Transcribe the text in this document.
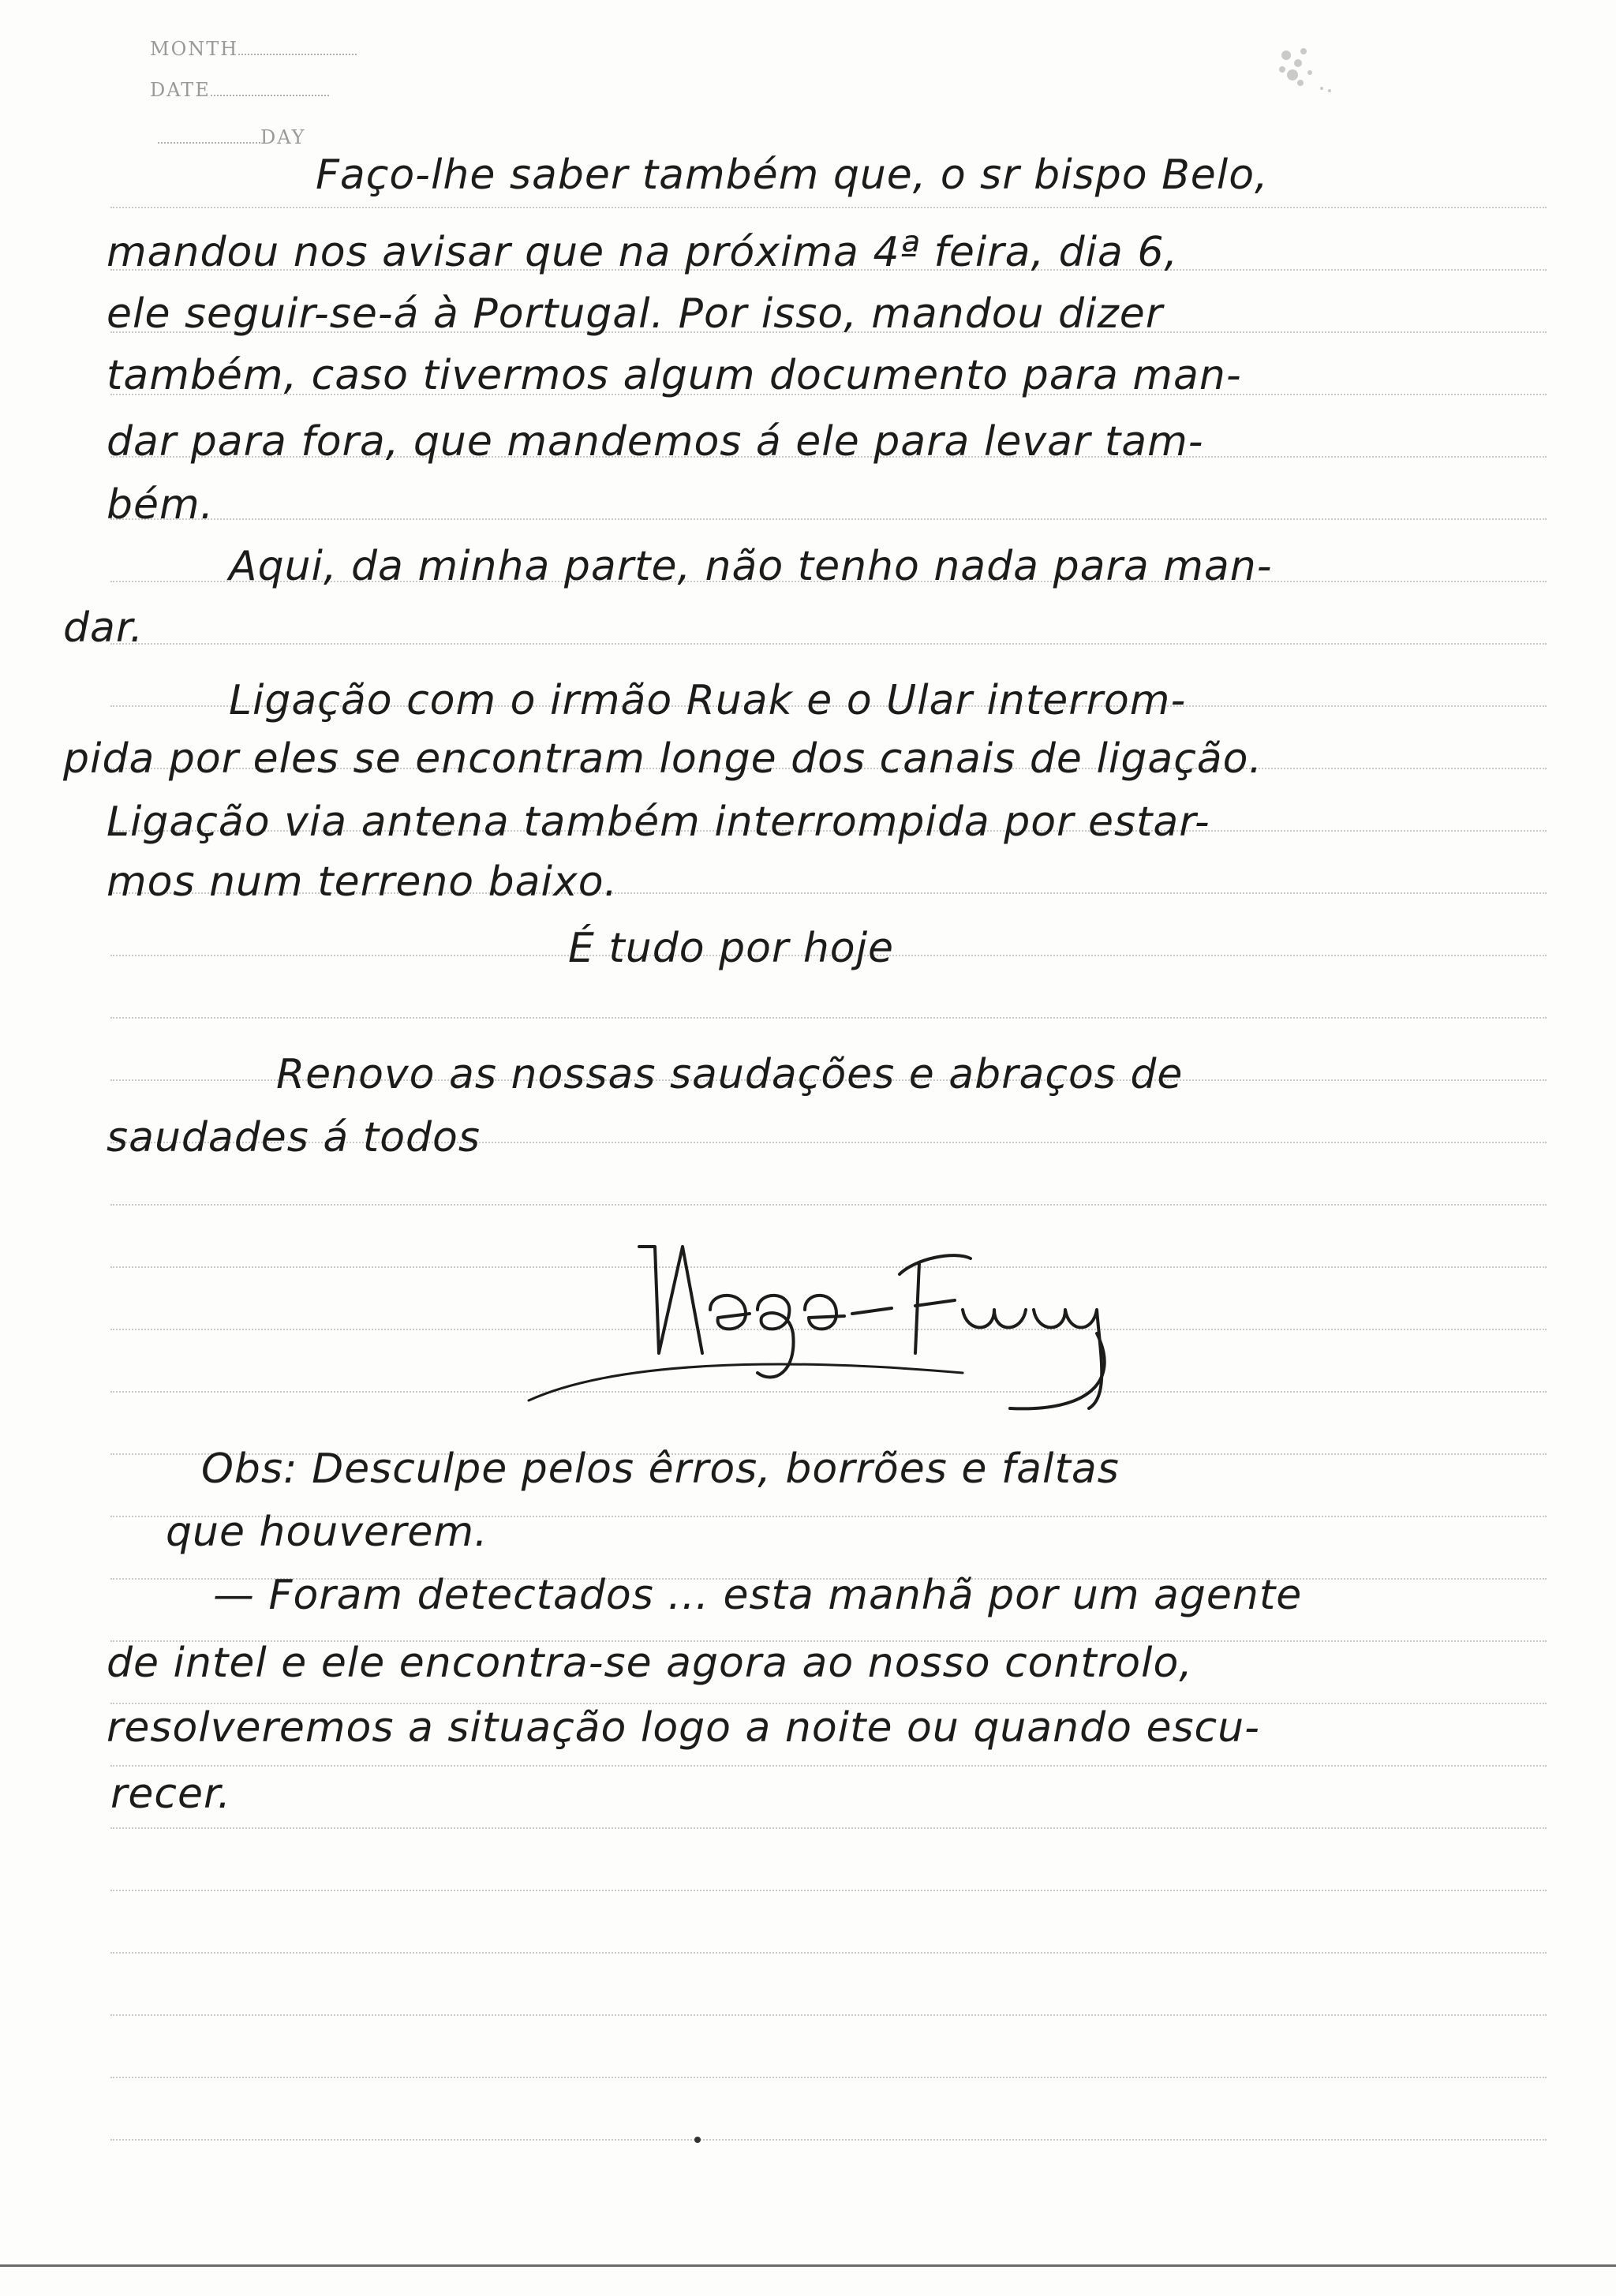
MONTH
DATE
DAY
Faço-lhe saber também que, o sr bispo Belo,
mandou nos avisar que na próxima 4ª feira, dia 6,
ele seguir-se-á à Portugal. Por isso, mandou dizer
também, caso tivermos algum documento para man-
dar para fora, que mandemos á ele para levar tam-
bém.
Aqui, da minha parte, não tenho nada para man-
dar.
Ligação com o irmão Ruak e o Ular interrom-
pida por eles se encontram longe dos canais de ligação.
Ligação via antena também interrompida por estar-
mos num terreno baixo.
É tudo por hoje
Renovo as nossas saudações e abraços de
saudades á todos
Obs: Desculpe pelos êrros, borrões e faltas
que houverem.
— Foram detectados ... esta manhã por um agente
de intel e ele encontra-se agora ao nosso controlo,
resolveremos a situação logo a noite ou quando escu-
recer.
